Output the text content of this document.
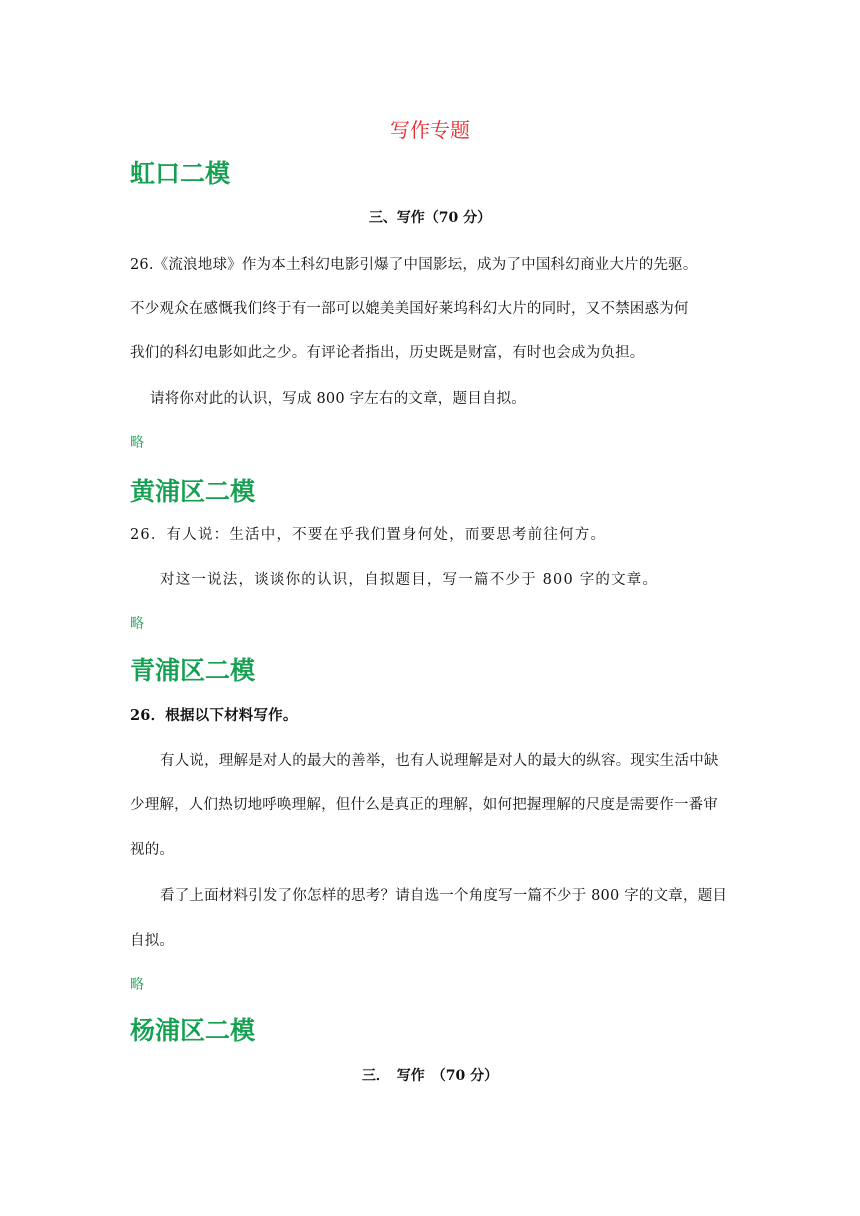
写作专题
虹口二模
三、写作（70 分）
26.《流浪地球》作为本土科幻电影引爆了中国影坛，成为了中国科幻商业大片的先驱。
不少观众在感慨我们终于有一部可以媲美美国好莱坞科幻大片的同时，又不禁困惑为何
我们的科幻电影如此之少。有评论者指出，历史既是财富，有时也会成为负担。
请将你对此的认识，写成 800 字左右的文章，题目自拟。
略
黄浦区二模
26．有人说：生活中，不要在乎我们置身何处，而要思考前往何方。
对这一说法，谈谈你的认识，自拟题目，写一篇不少于 800 字的文章。
略
青浦区二模
26．根据以下材料写作。
有人说，理解是对人的最大的善举，也有人说理解是对人的最大的纵容。现实生活中缺
少理解，人们热切地呼唤理解，但什么是真正的理解，如何把握理解的尺度是需要作一番审
视的。
看了上面材料引发了你怎样的思考？请自选一个角度写一篇不少于 800 字的文章，题目
自拟。
略
杨浦区二模
三．　写作　（70 分）
